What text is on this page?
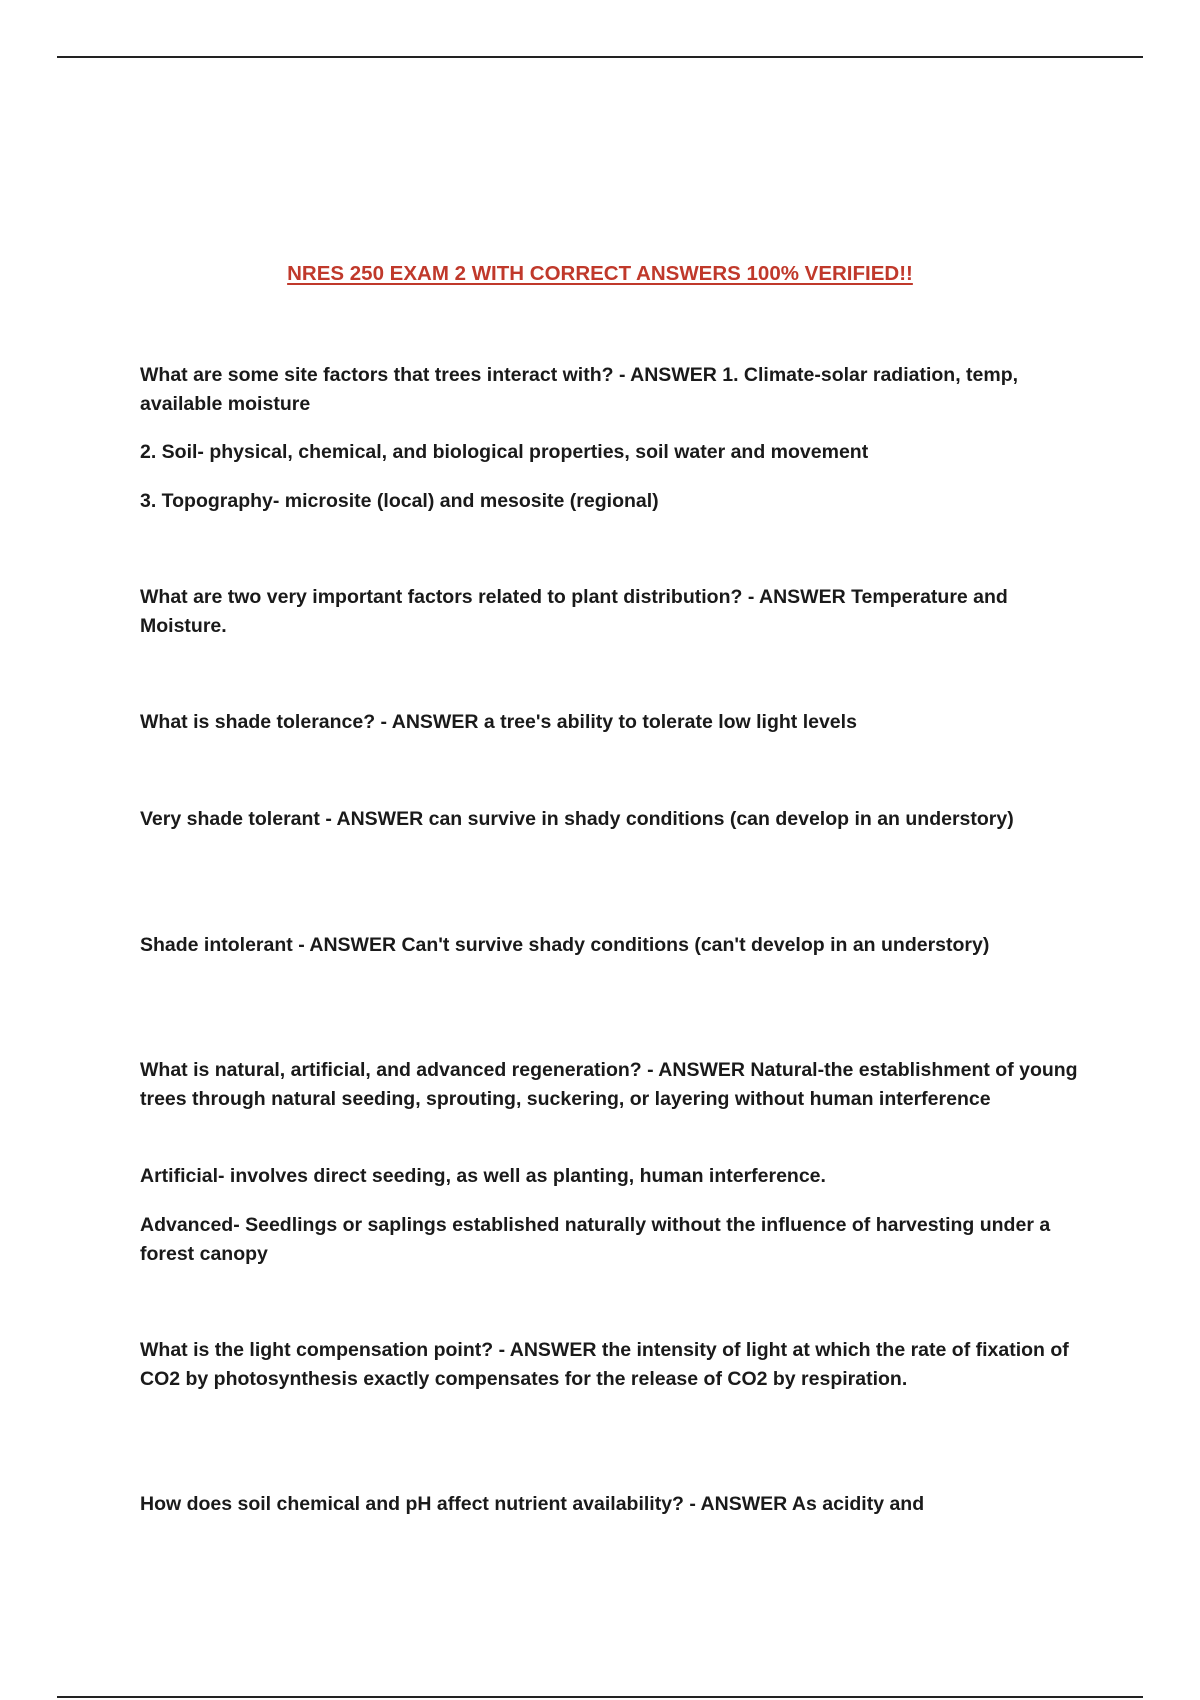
NRES 250 EXAM 2 WITH CORRECT ANSWERS 100% VERIFIED!!

What are some site factors that trees interact with? - ANSWER 1. Climate-solar radiation, temp, available moisture

2. Soil- physical, chemical, and biological properties, soil water and movement

3. Topography- microsite (local) and mesosite (regional)

What are two very important factors related to plant distribution? - ANSWER Temperature and Moisture.

What is shade tolerance? - ANSWER a tree's ability to tolerate low light levels

Very shade tolerant - ANSWER can survive in shady conditions (can develop in an understory)

Shade intolerant - ANSWER Can't survive shady conditions (can't develop in an understory)

What is natural, artificial, and advanced regeneration? - ANSWER Natural-the establishment of young trees through natural seeding, sprouting, suckering, or layering without human interference

Artificial- involves direct seeding, as well as planting, human interference.

Advanced- Seedlings or saplings established naturally without the influence of harvesting under a forest canopy

What is the light compensation point? - ANSWER the intensity of light at which the rate of fixation of CO2 by photosynthesis exactly compensates for the release of CO2 by respiration.

How does soil chemical and pH affect nutrient availability? - ANSWER As acidity and
